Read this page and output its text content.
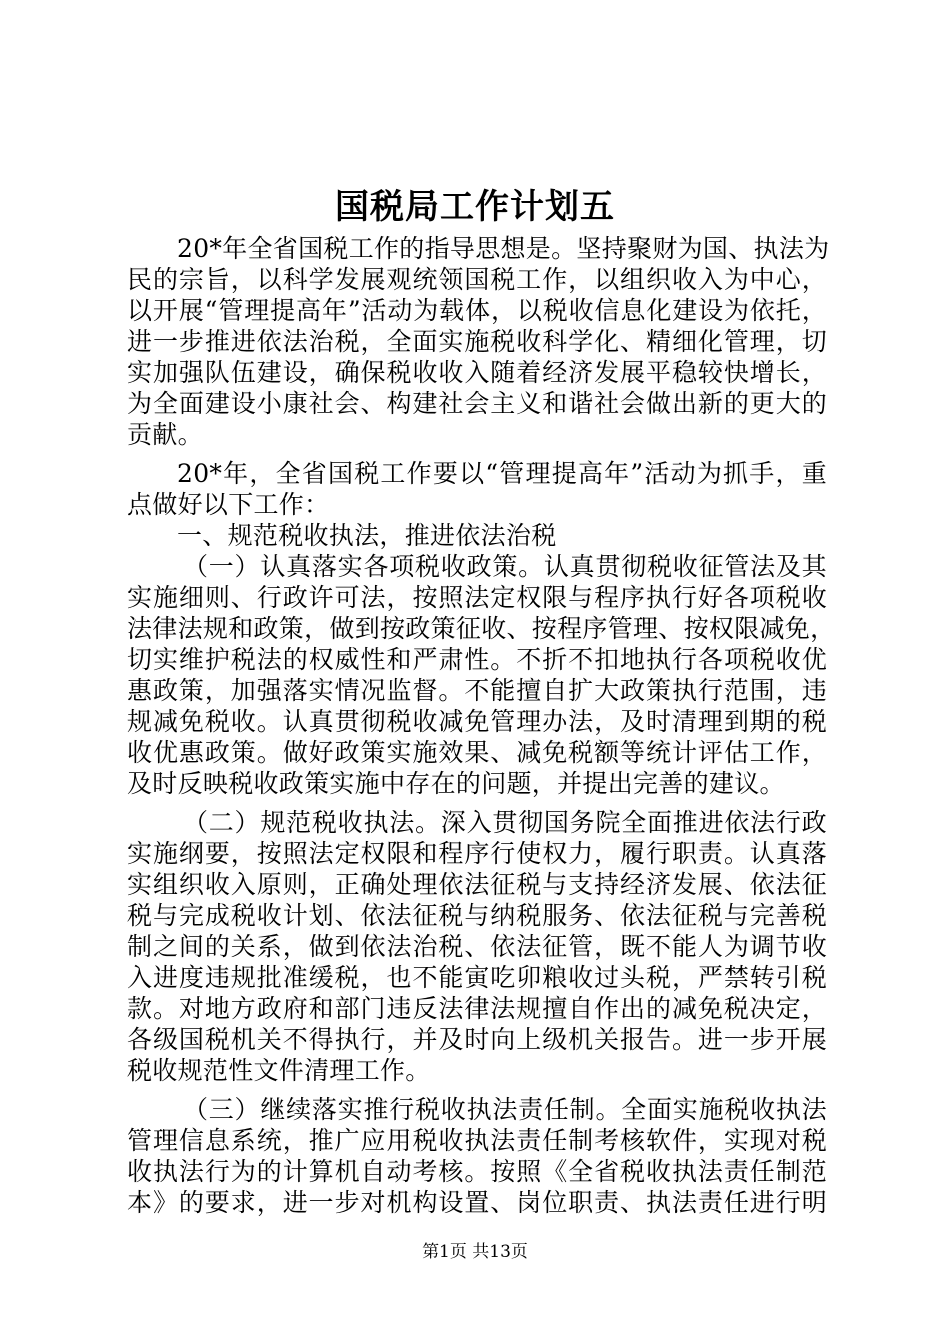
国税局工作计划五
20*年全省国税工作的指导思想是。坚持聚财为国、执法为
民的宗旨，以科学发展观统领国税工作，以组织收入为中心，
以开展“管理提高年”活动为载体，以税收信息化建设为依托，
进一步推进依法治税，全面实施税收科学化、精细化管理，切
实加强队伍建设，确保税收收入随着经济发展平稳较快增长，
为全面建设小康社会、构建社会主义和谐社会做出新的更大的
贡献。
20*年，全省国税工作要以“管理提高年”活动为抓手，重
点做好以下工作：
一、规范税收执法，推进依法治税
（一）认真落实各项税收政策。认真贯彻税收征管法及其
实施细则、行政许可法，按照法定权限与程序执行好各项税收
法律法规和政策，做到按政策征收、按程序管理、按权限减免，
切实维护税法的权威性和严肃性。不折不扣地执行各项税收优
惠政策，加强落实情况监督。不能擅自扩大政策执行范围，违
规减免税收。认真贯彻税收减免管理办法，及时清理到期的税
收优惠政策。做好政策实施效果、减免税额等统计评估工作，
及时反映税收政策实施中存在的问题，并提出完善的建议。
（二）规范税收执法。深入贯彻国务院全面推进依法行政
实施纲要，按照法定权限和程序行使权力，履行职责。认真落
实组织收入原则，正确处理依法征税与支持经济发展、依法征
税与完成税收计划、依法征税与纳税服务、依法征税与完善税
制之间的关系，做到依法治税、依法征管，既不能人为调节收
入进度违规批准缓税，也不能寅吃卯粮收过头税，严禁转引税
款。对地方政府和部门违反法律法规擅自作出的减免税决定，
各级国税机关不得执行，并及时向上级机关报告。进一步开展
税收规范性文件清理工作。
（三）继续落实推行税收执法责任制。全面实施税收执法
管理信息系统，推广应用税收执法责任制考核软件，实现对税
收执法行为的计算机自动考核。按照《全省税收执法责任制范
本》的要求，进一步对机构设置、岗位职责、执法责任进行明
第1页 共13页
